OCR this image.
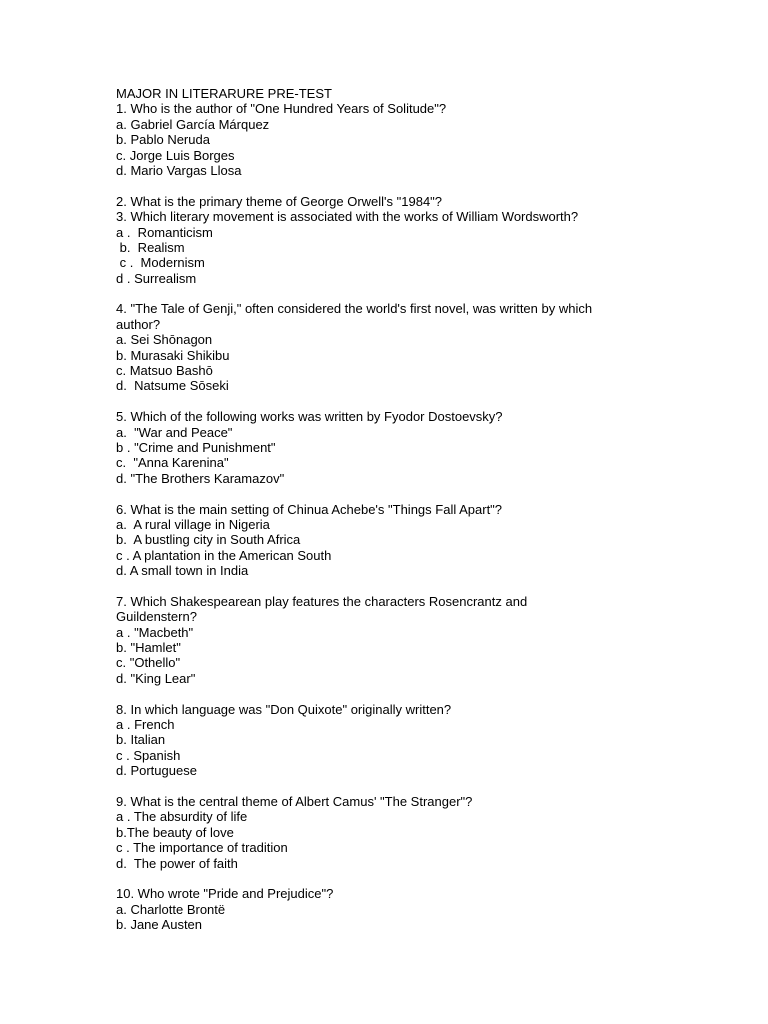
MAJOR IN LITERARURE PRE-TEST
1. Who is the author of "One Hundred Years of Solitude"?
a. Gabriel García Márquez
b. Pablo Neruda
c. Jorge Luis Borges
d. Mario Vargas Llosa
2. What is the primary theme of George Orwell's "1984"?
3. Which literary movement is associated with the works of William Wordsworth?
a .  Romanticism
b.  Realism
c .  Modernism
d . Surrealism
4. "The Tale of Genji," often considered the world's first novel, was written by which
author?
a. Sei Shōnagon
b. Murasaki Shikibu
c. Matsuo Bashō
d.  Natsume Sōseki
5. Which of the following works was written by Fyodor Dostoevsky?
a.  "War and Peace"
b . "Crime and Punishment"
c.  "Anna Karenina"
d. "The Brothers Karamazov"
6. What is the main setting of Chinua Achebe's "Things Fall Apart"?
a.  A rural village in Nigeria
b.  A bustling city in South Africa
c . A plantation in the American South
d. A small town in India
7. Which Shakespearean play features the characters Rosencrantz and
Guildenstern?
a . "Macbeth"
b. "Hamlet"
c. "Othello"
d. "King Lear"
8. In which language was "Don Quixote" originally written?
a . French
b. Italian
c . Spanish
d. Portuguese
9. What is the central theme of Albert Camus' "The Stranger"?
a . The absurdity of life
b.The beauty of love
c . The importance of tradition
d.  The power of faith
10. Who wrote "Pride and Prejudice"?
a. Charlotte Brontë
b. Jane Austen
